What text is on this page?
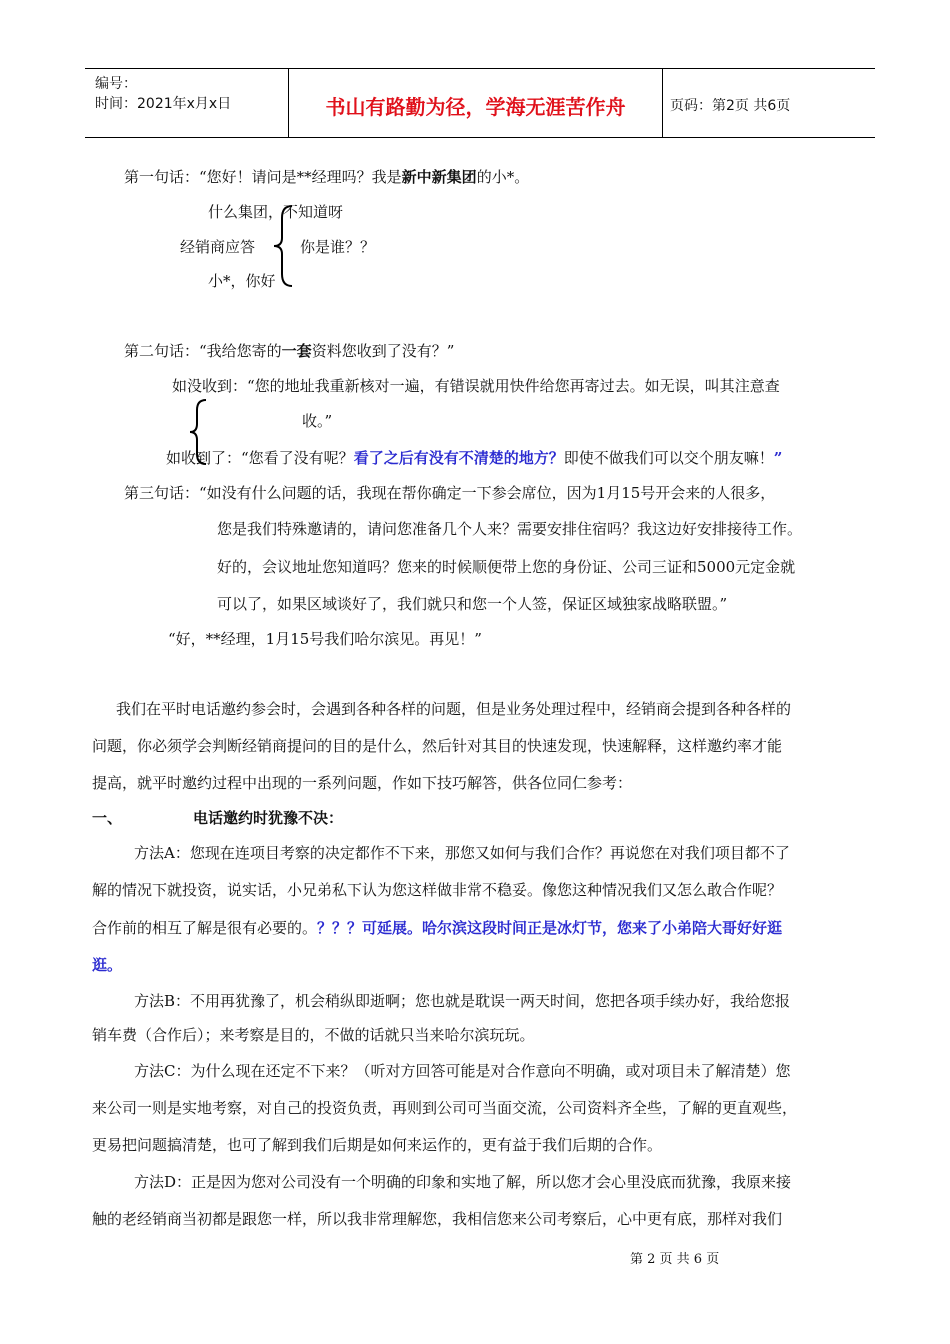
编号：
时间：2021年x月x日	书山有路勤为径，学海无涯苦作舟	页码：第2页 共6页
第一句话：“您好！请问是**经理吗？我是新中新集团的小*。
什么集团，不知道呀
经销商应答	你是谁？？
小*，你好
第二句话：“我给您寄的一套资料您收到了没有？”
如没收到：“您的地址我重新核对一遍，有错误就用快件给您再寄过去。如无误，叫其注意查
收。”
如收到了：“您看了没有呢？看了之后有没有不清楚的地方？即使不做我们可以交个朋友嘛！”
第三句话：“如没有什么问题的话，我现在帮你确定一下参会席位，因为1月15号开会来的人很多，
您是我们特殊邀请的，请问您准备几个人来？需要安排住宿吗？我这边好安排接待工作。
好的，会议地址您知道吗？您来的时候顺便带上您的身份证、公司三证和5000元定金就
可以了，如果区域谈好了，我们就只和您一个人签，保证区域独家战略联盟。”
“好，**经理，1月15号我们哈尔滨见。再见！”
我们在平时电话邀约参会时，会遇到各种各样的问题，但是业务处理过程中，经销商会提到各种各样的
问题，你必须学会判断经销商提问的目的是什么，然后针对其目的快速发现，快速解释，这样邀约率才能
提高，就平时邀约过程中出现的一系列问题，作如下技巧解答，供各位同仁参考：
一、	电话邀约时犹豫不决：
方法A：您现在连项目考察的决定都作不下来，那您又如何与我们合作？再说您在对我们项目都不了
解的情况下就投资，说实话，小兄弟私下认为您这样做非常不稳妥。像您这种情况我们又怎么敢合作呢？
合作前的相互了解是很有必要的。？？？可延展。哈尔滨这段时间正是冰灯节，您来了小弟陪大哥好好逛
逛。
方法B：不用再犹豫了，机会稍纵即逝啊；您也就是耽误一两天时间，您把各项手续办好，我给您报
销车费（合作后）；来考察是目的，不做的话就只当来哈尔滨玩玩。
方法C：为什么现在还定不下来？（听对方回答可能是对合作意向不明确，或对项目未了解清楚）您
来公司一则是实地考察，对自己的投资负责，再则到公司可当面交流，公司资料齐全些，了解的更直观些，
更易把问题搞清楚，也可了解到我们后期是如何来运作的，更有益于我们后期的合作。
方法D：正是因为您对公司没有一个明确的印象和实地了解，所以您才会心里没底而犹豫，我原来接
触的老经销商当初都是跟您一样，所以我非常理解您，我相信您来公司考察后，心中更有底，那样对我们
第 2 页 共 6 页
